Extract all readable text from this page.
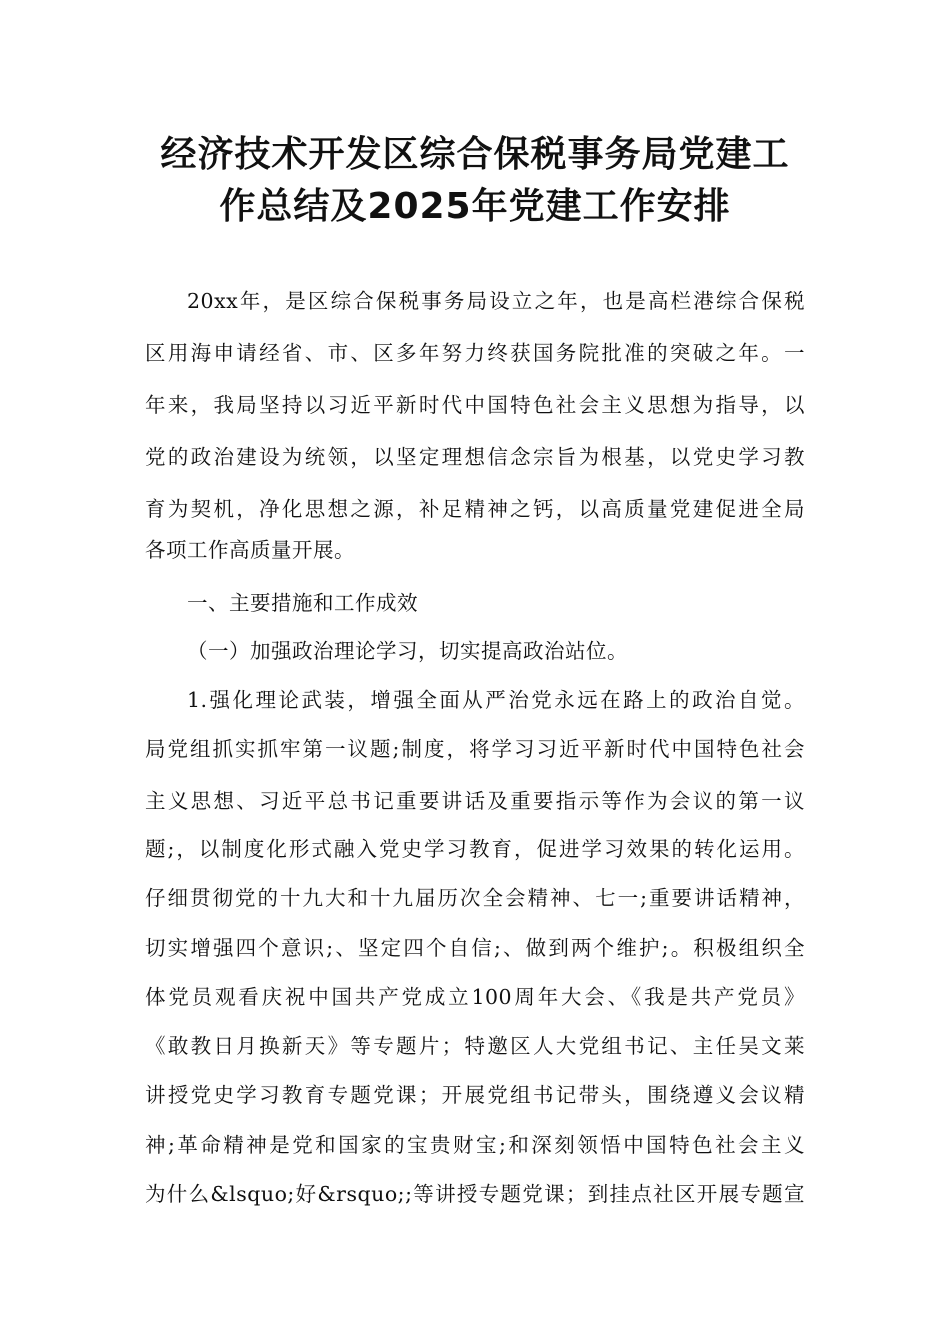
经济技术开发区综合保税事务局党建工
作总结及2025年党建工作安排
20xx年，是区综合保税事务局设立之年，也是高栏港综合保税
区用海申请经省、市、区多年努力终获国务院批准的突破之年。一
年来，我局坚持以习近平新时代中国特色社会主义思想为指导，以
党的政治建设为统领，以坚定理想信念宗旨为根基，以党史学习教
育为契机，净化思想之源，补足精神之钙，以高质量党建促进全局
各项工作高质量开展。
一、主要措施和工作成效
（一）加强政治理论学习，切实提高政治站位。
1.强化理论武装，增强全面从严治党永远在路上的政治自觉。
局党组抓实抓牢第一议题;制度，将学习习近平新时代中国特色社会
主义思想、习近平总书记重要讲话及重要指示等作为会议的第一议
题;，以制度化形式融入党史学习教育，促进学习效果的转化运用。
仔细贯彻党的十九大和十九届历次全会精神、七一;重要讲话精神，
切实增强四个意识;、坚定四个自信;、做到两个维护;。积极组织全
体党员观看庆祝中国共产党成立100周年大会、《我是共产党员》
《敢教日月换新天》等专题片；特邀区人大党组书记、主任吴文莱
讲授党史学习教育专题党课；开展党组书记带头，围绕遵义会议精
神;革命精神是党和国家的宝贵财宝;和深刻领悟中国特色社会主义
为什么&lsquo;好&rsquo;;等讲授专题党课；到挂点社区开展专题宣
